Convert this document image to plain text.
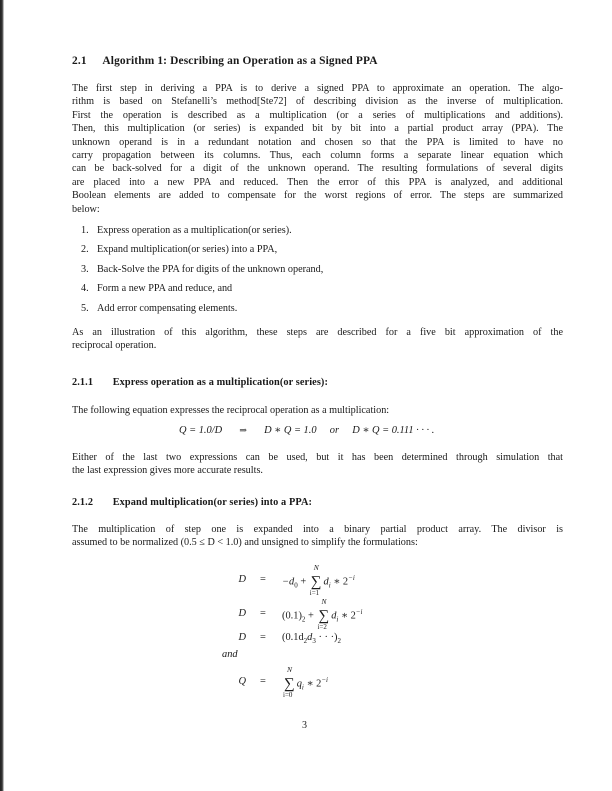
2.1 Algorithm 1: Describing an Operation as a Signed PPA
The first step in deriving a PPA is to derive a signed PPA to approximate an operation. The algo-
rithm is based on Stefanelli’s method[Ste72] of describing division as the inverse of multiplication.
First the operation is described as a multiplication (or a series of multiplications and additions).
Then, this multiplication (or series) is expanded bit by bit into a partial product array (PPA). The
unknown operand is in a redundant notation and chosen so that the PPA is limited to have no
carry propagation between its columns. Thus, each column forms a separate linear equation which
can be back-solved for a digit of the unknown operand. The resulting formulations of several digits
are placed into a new PPA and reduced. Then the error of this PPA is analyzed, and additional
Boolean elements are added to compensate for the worst regions of error. The steps are summarized
below:
1. Express operation as a multiplication(or series).
2. Expand multiplication(or series) into a PPA,
3. Back-Solve the PPA for digits of the unknown operand,
4. Form a new PPA and reduce, and
5. Add error compensating elements.
As an illustration of this algorithm, these steps are described for a five bit approximation of the
reciprocal operation.
2.1.1 Express operation as a multiplication(or series):
The following equation expresses the reciprocal operation as a multiplication:
Q = 1.0/D ⇒ D ∗ Q = 1.0 or D ∗ Q = 0.111 · · · .
Either of the last two expressions can be used, but it has been determined through simulation that
the last expression gives more accurate results.
2.1.2 Expand multiplication(or series) into a PPA:
The multiplication of step one is expanded into a binary partial product array. The divisor is
assumed to be normalized (0.5 ≤ D < 1.0) and unsigned to simplify the formulations:
$D = -d_0$ + ∑
N
i=1
$d_i$ ∗ $2^{-i}$
$D = (0.1)_2$ + ∑
N
i=2
$d_i$ ∗ $2^{-i}$
$D = (0.1d_2d_3$ · · $\cdot)_2$
and
Q = ∑
N
i=0
$q_i$ ∗ $2^{-i}$
3
